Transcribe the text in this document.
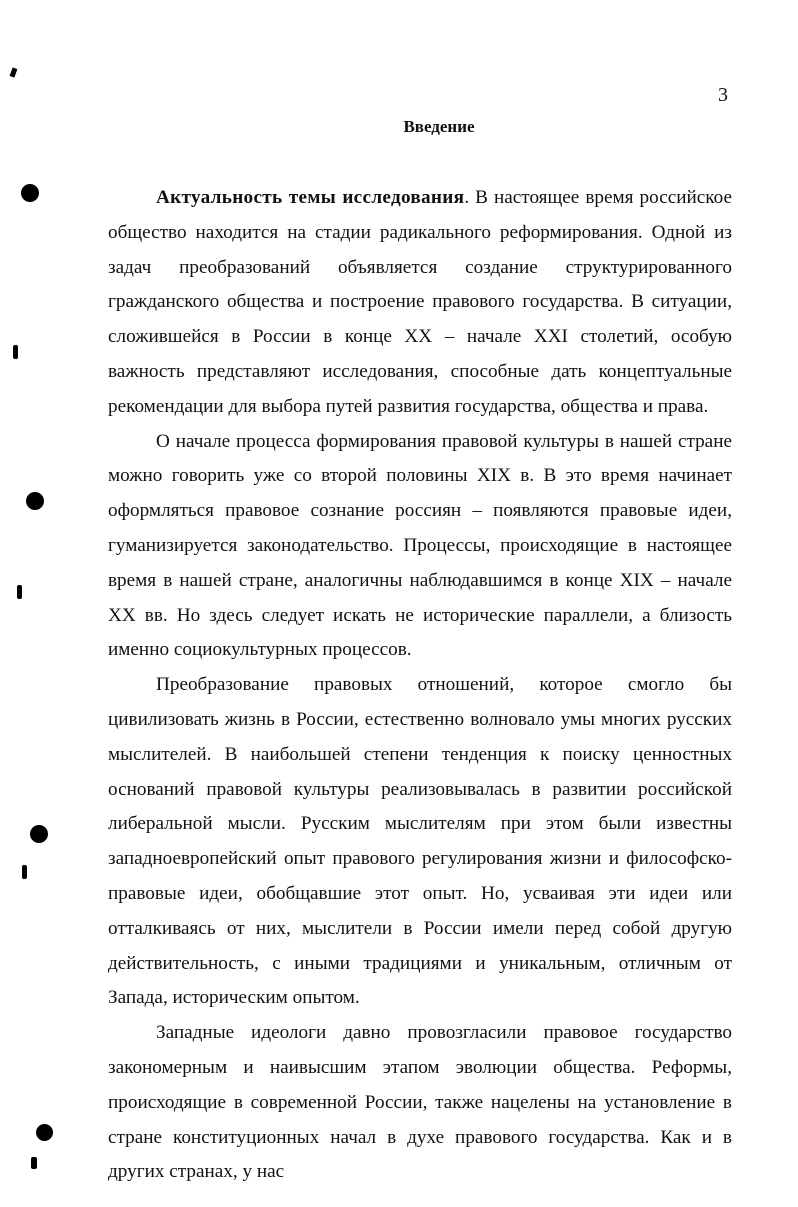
3
Введение

Актуальность темы исследования. В настоящее время российское общество находится на стадии радикального реформирования. Одной из задач преобразований объявляется создание структурированного гражданского общества и построение правового государства. В ситуации, сложившейся в России в конце XX – начале XXI столетий, особую важность представляют исследования, способные дать концептуальные рекомендации для выбора путей развития государства, общества и права.

О начале процесса формирования правовой культуры в нашей стране можно говорить уже со второй половины XIX в. В это время начинает оформляться правовое сознание россиян – появляются правовые идеи, гуманизируется законодательство. Процессы, происходящие в настоящее время в нашей стране, аналогичны наблюдавшимся в конце XIX – начале XX вв. Но здесь следует искать не исторические параллели, а близость именно социокультурных процессов.

Преобразование правовых отношений, которое смогло бы цивилизовать жизнь в России, естественно волновало умы многих русских мыслителей. В наибольшей степени тенденция к поиску ценностных оснований правовой культуры реализовывалась в развитии российской либеральной мысли. Русским мыслителям при этом были известны западноевропейский опыт правового регулирования жизни и философско-правовые идеи, обобщавшие этот опыт. Но, усваивая эти идеи или отталкиваясь от них, мыслители в России имели перед собой другую действительность, с иными традициями и уникальным, отличным от Запада, историческим опытом.

Западные идеологи давно провозгласили правовое государство закономерным и наивысшим этапом эволюции общества. Реформы, происходящие в современной России, также нацелены на установление в стране конституционных начал в духе правового государства. Как и в других странах, у нас
